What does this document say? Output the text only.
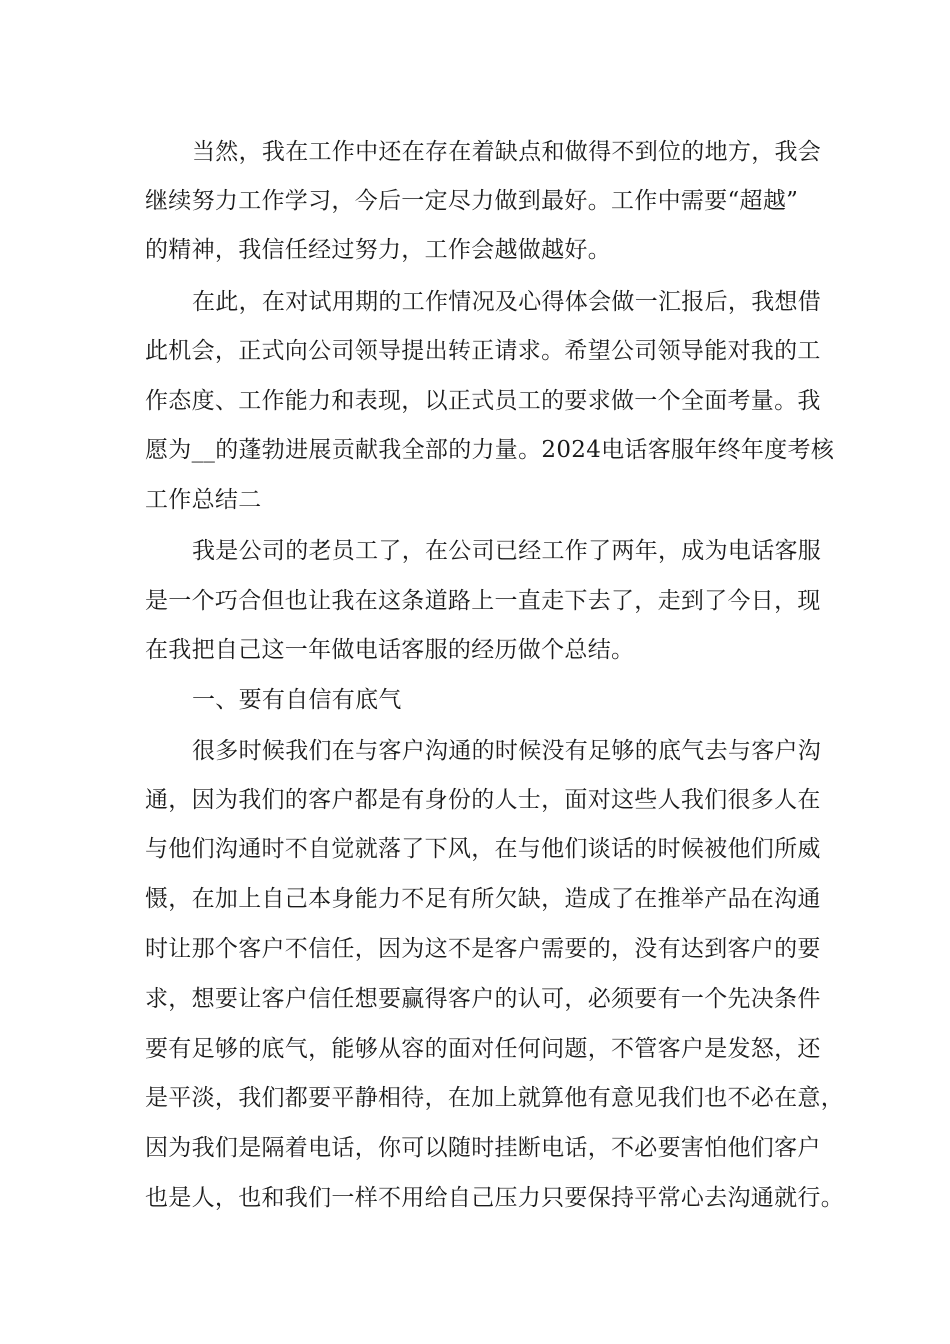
当然，我在工作中还在存在着缺点和做得不到位的地方，我会
继续努力工作学习，今后一定尽力做到最好。工作中需要“超越”
的精神，我信任经过努力，工作会越做越好。
在此，在对试用期的工作情况及心得体会做一汇报后，我想借
此机会，正式向公司领导提出转正请求。希望公司领导能对我的工
作态度、工作能力和表现，以正式员工的要求做一个全面考量。我
愿为__的蓬勃进展贡献我全部的力量。2024电话客服年终年度考核
工作总结二
我是公司的老员工了，在公司已经工作了两年，成为电话客服
是一个巧合但也让我在这条道路上一直走下去了，走到了今日，现
在我把自己这一年做电话客服的经历做个总结。
一、要有自信有底气
很多时候我们在与客户沟通的时候没有足够的底气去与客户沟
通，因为我们的客户都是有身份的人士，面对这些人我们很多人在
与他们沟通时不自觉就落了下风，在与他们谈话的时候被他们所威
慑，在加上自己本身能力不足有所欠缺，造成了在推举产品在沟通
时让那个客户不信任，因为这不是客户需要的，没有达到客户的要
求，想要让客户信任想要赢得客户的认可，必须要有一个先决条件
要有足够的底气，能够从容的面对任何问题，不管客户是发怒，还
是平淡，我们都要平静相待，在加上就算他有意见我们也不必在意，
因为我们是隔着电话，你可以随时挂断电话，不必要害怕他们客户
也是人，也和我们一样不用给自己压力只要保持平常心去沟通就行。
